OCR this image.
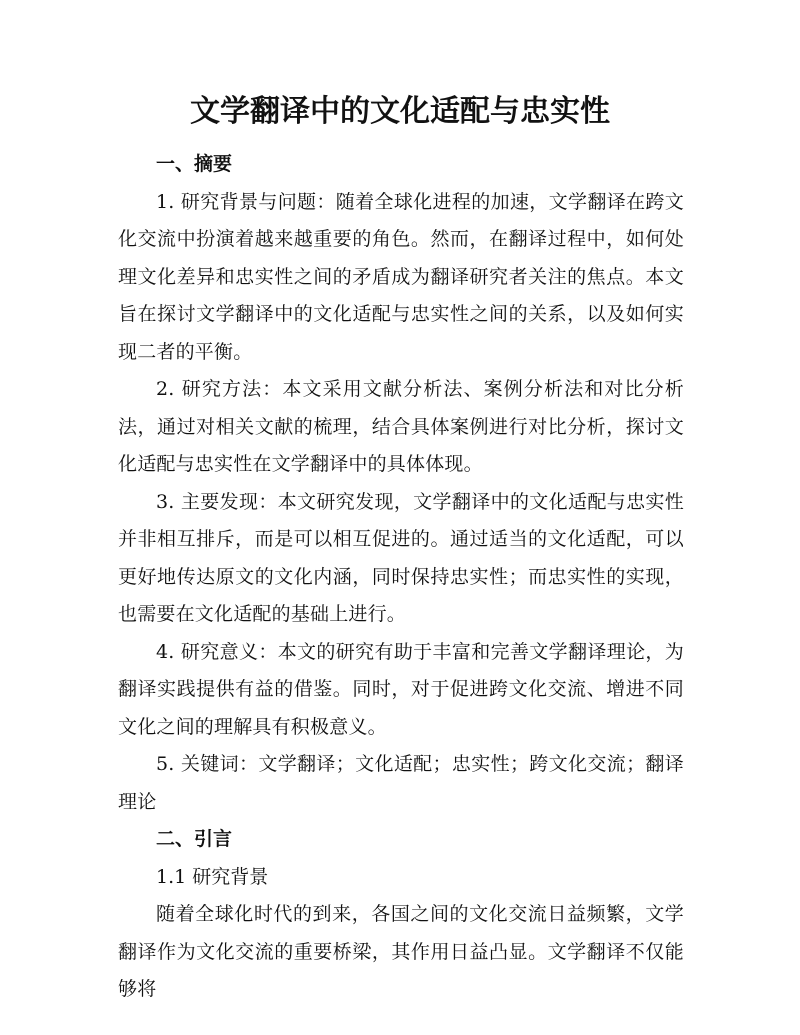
文学翻译中的文化适配与忠实性

一、摘要

1. 研究背景与问题：随着全球化进程的加速，文学翻译在跨文化交流中扮演着越来越重要的角色。然而，在翻译过程中，如何处理文化差异和忠实性之间的矛盾成为翻译研究者关注的焦点。本文旨在探讨文学翻译中的文化适配与忠实性之间的关系，以及如何实现二者的平衡。

2. 研究方法：本文采用文献分析法、案例分析法和对比分析法，通过对相关文献的梳理，结合具体案例进行对比分析，探讨文化适配与忠实性在文学翻译中的具体体现。

3. 主要发现：本文研究发现，文学翻译中的文化适配与忠实性并非相互排斥，而是可以相互促进的。通过适当的文化适配，可以更好地传达原文的文化内涵，同时保持忠实性；而忠实性的实现，也需要在文化适配的基础上进行。

4. 研究意义：本文的研究有助于丰富和完善文学翻译理论，为翻译实践提供有益的借鉴。同时，对于促进跨文化交流、增进不同文化之间的理解具有积极意义。

5. 关键词：文学翻译；文化适配；忠实性；跨文化交流；翻译理论

二、引言

1.1 研究背景

随着全球化时代的到来，各国之间的文化交流日益频繁，文学翻译作为文化交流的重要桥梁，其作用日益凸显。文学翻译不仅能够将
